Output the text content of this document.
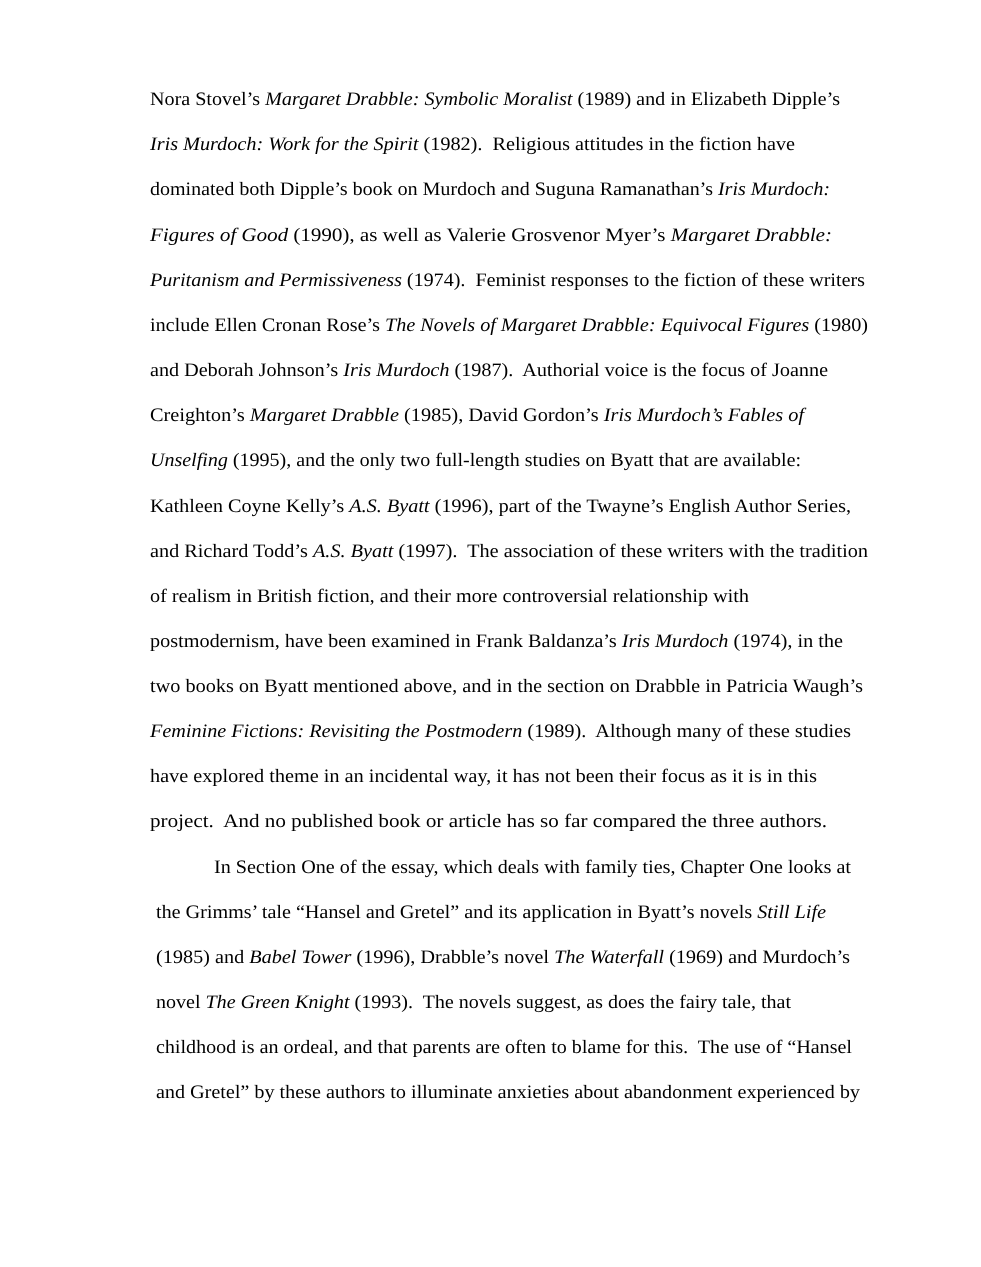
Nora Stovel’s Margaret Drabble: Symbolic Moralist (1989) and in Elizabeth Dipple’s
Iris Murdoch: Work for the Spirit (1982).  Religious attitudes in the fiction have
dominated both Dipple’s book on Murdoch and Suguna Ramanathan’s Iris Murdoch:
Figures of Good (1990), as well as Valerie Grosvenor Myer’s Margaret Drabble:
Puritanism and Permissiveness (1974).  Feminist responses to the fiction of these writers
include Ellen Cronan Rose’s The Novels of Margaret Drabble: Equivocal Figures (1980)
and Deborah Johnson’s Iris Murdoch (1987).  Authorial voice is the focus of Joanne
Creighton’s Margaret Drabble (1985), David Gordon’s Iris Murdoch’s Fables of
Unselfing (1995), and the only two full-length studies on Byatt that are available:
Kathleen Coyne Kelly’s A.S. Byatt (1996), part of the Twayne’s English Author Series,
and Richard Todd’s A.S. Byatt (1997).  The association of these writers with the tradition
of realism in British fiction, and their more controversial relationship with
postmodernism, have been examined in Frank Baldanza’s Iris Murdoch (1974), in the
two books on Byatt mentioned above, and in the section on Drabble in Patricia Waugh’s
Feminine Fictions: Revisiting the Postmodern (1989).  Although many of these studies
have explored theme in an incidental way, it has not been their focus as it is in this
project.  And no published book or article has so far compared the three authors.
In Section One of the essay, which deals with family ties, Chapter One looks at
the Grimms’ tale “Hansel and Gretel” and its application in Byatt’s novels Still Life
(1985) and Babel Tower (1996), Drabble’s novel The Waterfall (1969) and Murdoch’s
novel The Green Knight (1993).  The novels suggest, as does the fairy tale, that
childhood is an ordeal, and that parents are often to blame for this.  The use of “Hansel
and Gretel” by these authors to illuminate anxieties about abandonment experienced by
